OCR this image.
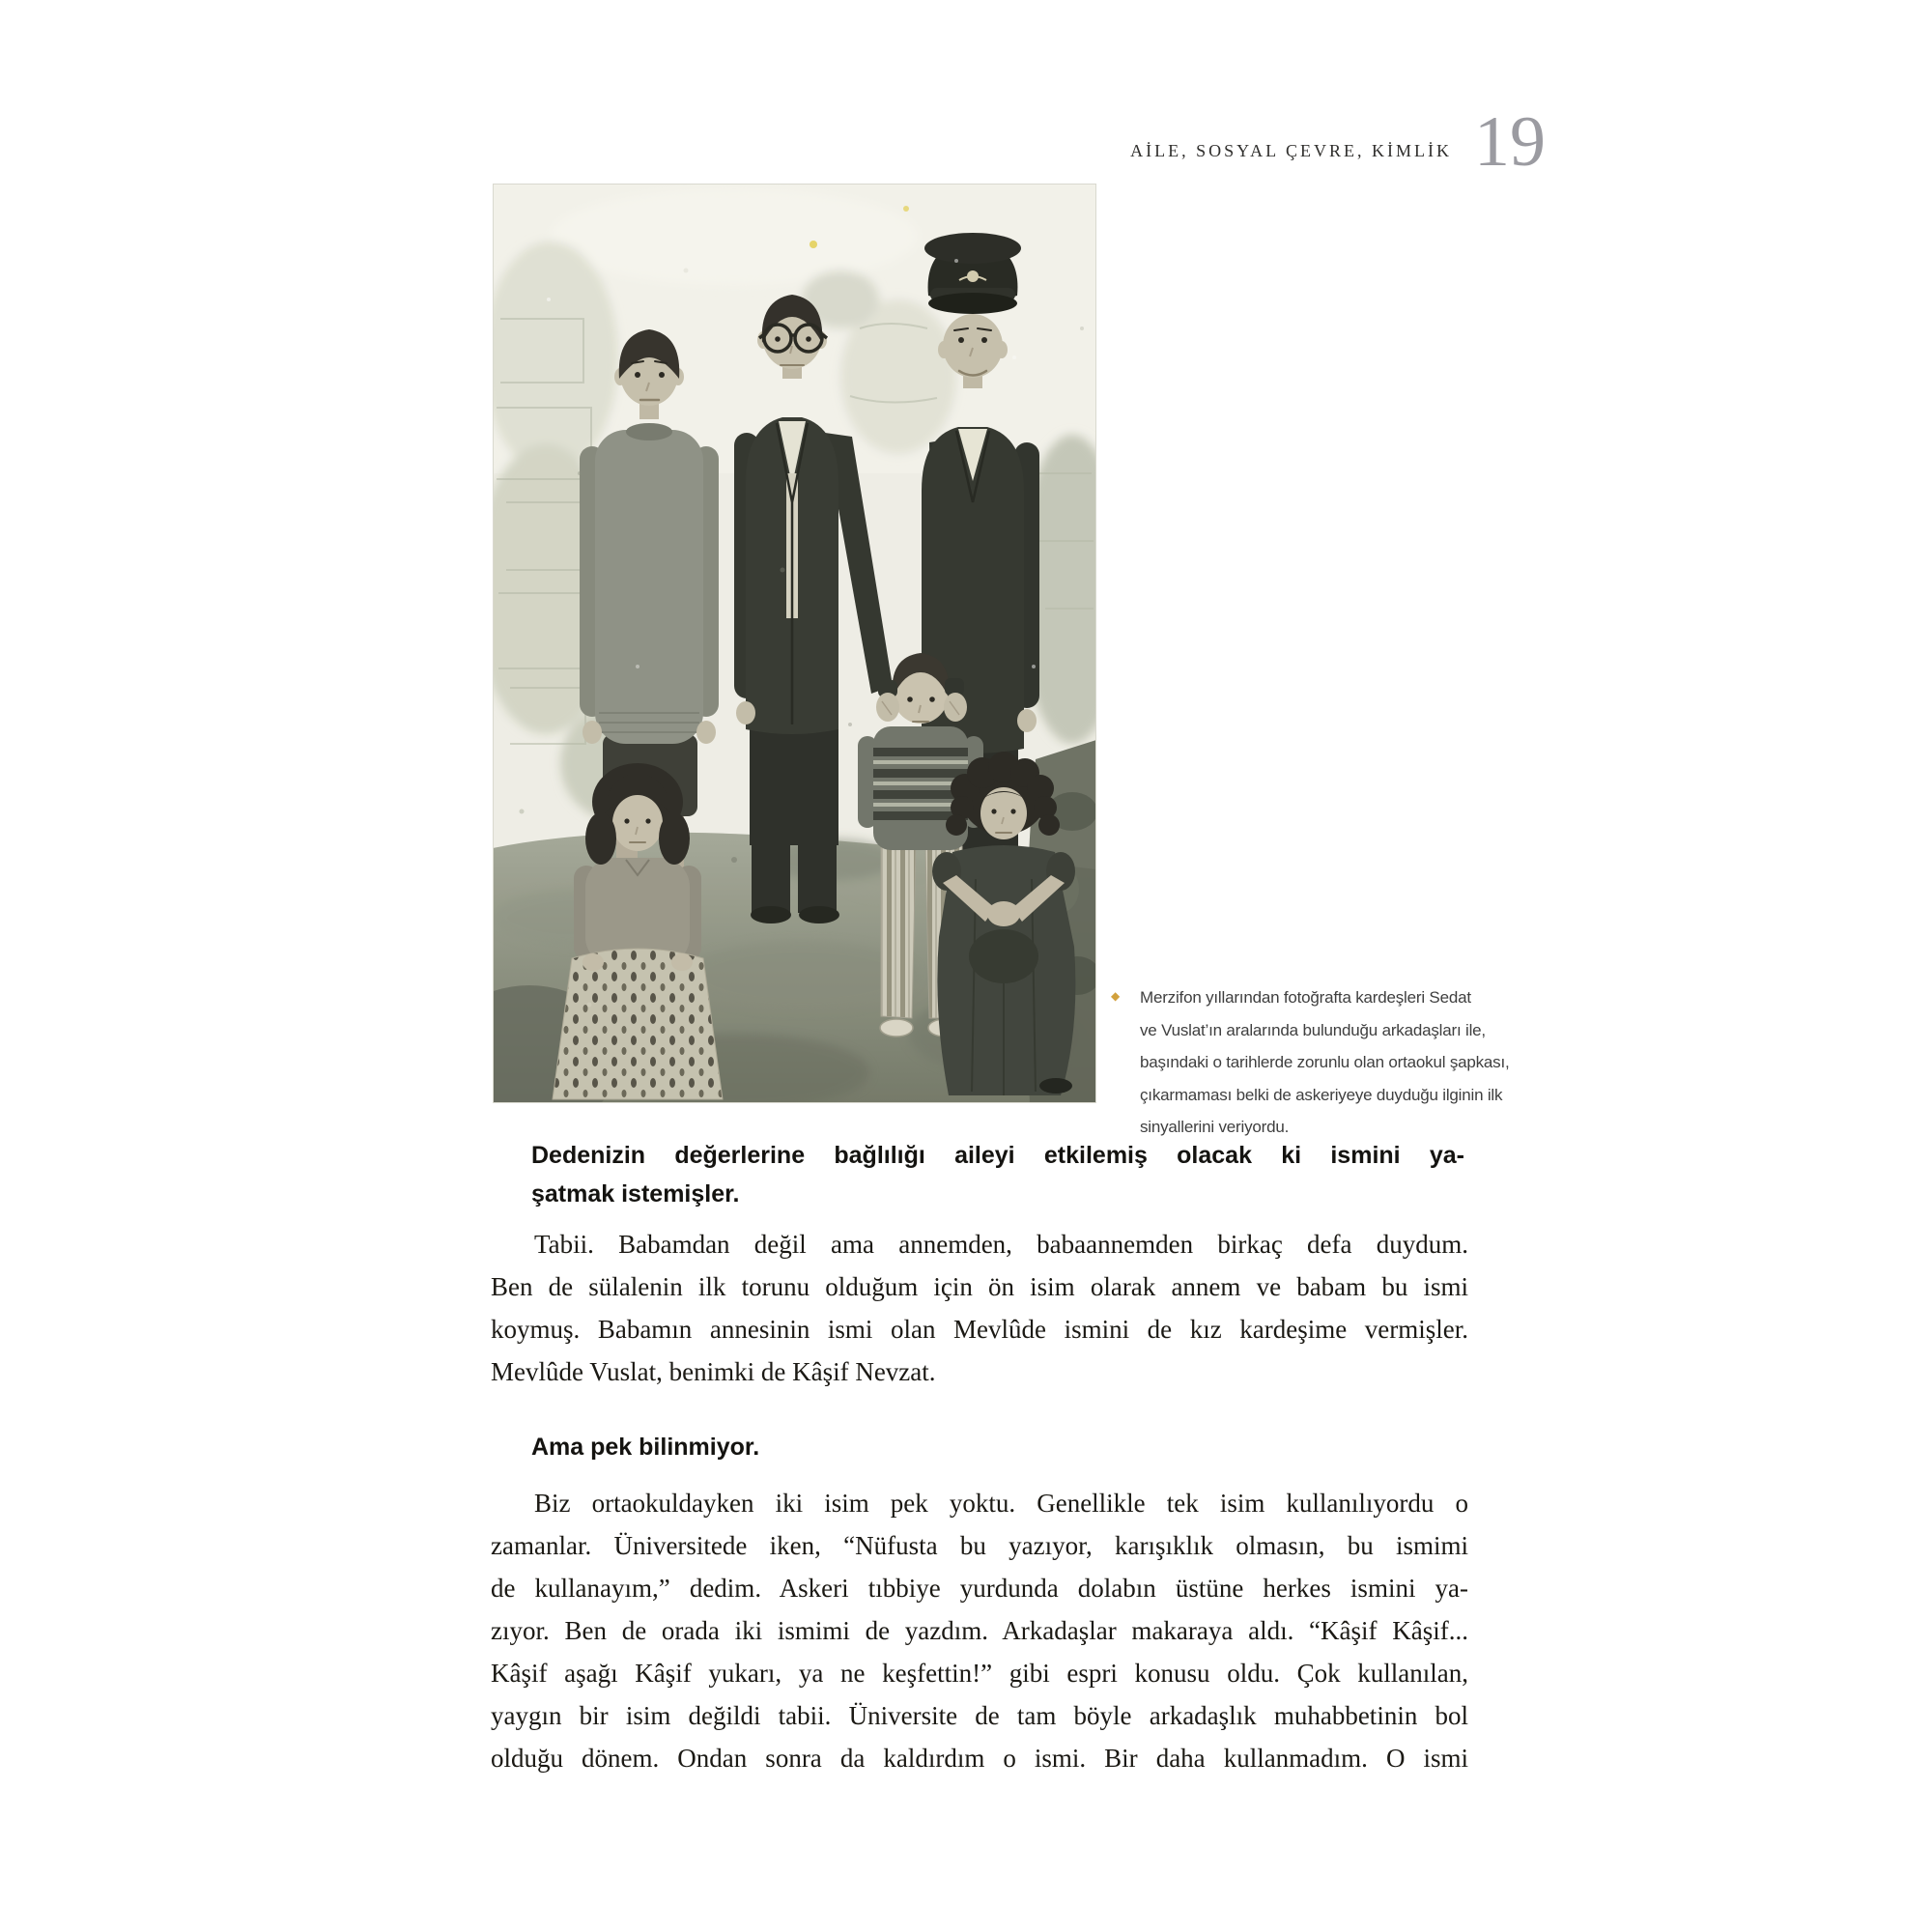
AİLE, SOSYAL ÇEVRE, KİMLİK 19
◆ Merzifon yıllarından fotoğrafta kardeşleri Sedat
ve Vuslat’ın aralarında bulunduğu arkadaşları ile,
başındaki o tarihlerde zorunlu olan ortaokul şapkası,
çıkarmaması belki de askeriyeye duyduğu ilginin ilk
sinyallerini veriyordu.
Dedenizin değerlerine bağlılığı aileyi etkilemiş olacak ki ismini ya-
şatmak istemişler.
Tabii. Babamdan değil ama annemden, babaannemden birkaç defa duydum.
Ben de sülalenin ilk torunu olduğum için ön isim olarak annem ve babam bu ismi
koymuş. Babamın annesinin ismi olan Mevlûde ismini de kız kardeşime vermişler.
Mevlûde Vuslat, benimki de Kâşif Nevzat.
Ama pek bilinmiyor.
Biz ortaokuldayken iki isim pek yoktu. Genellikle tek isim kullanılıyordu o
zamanlar. Üniversitede iken, “Nüfusta bu yazıyor, karışıklık olmasın, bu ismimi
de kullanayım,” dedim. Askeri tıbbiye yurdunda dolabın üstüne herkes ismini ya-
zıyor. Ben de orada iki ismimi de yazdım. Arkadaşlar makaraya aldı. “Kâşif Kâşif...
Kâşif aşağı Kâşif yukarı, ya ne keşfettin!” gibi espri konusu oldu. Çok kullanılan,
yaygın bir isim değildi tabii. Üniversite de tam böyle arkadaşlık muhabbetinin bol
olduğu dönem. Ondan sonra da kaldırdım o ismi. Bir daha kullanmadım. O ismi
